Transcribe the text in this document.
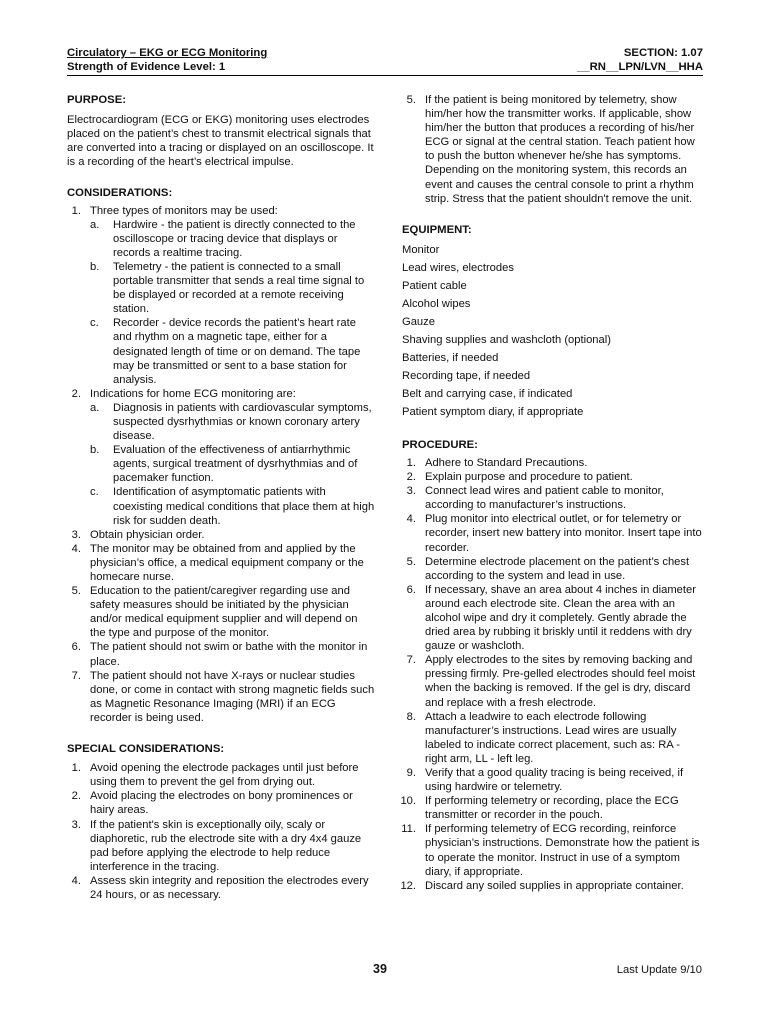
Circulatory – EKG or ECG Monitoring	SECTION: 1.07
Strength of Evidence Level: 1	__RN__LPN/LVN__HHA

PURPOSE:

Electrocardiogram (ECG or EKG) monitoring uses electrodes placed on the patient’s chest to transmit electrical signals that are converted into a tracing or displayed on an oscilloscope. It is a recording of the heart’s electrical impulse.

CONSIDERATIONS:
1. Three types of monitors may be used:
a. Hardwire - the patient is directly connected to the oscilloscope or tracing device that displays or records a realtime tracing.
b. Telemetry - the patient is connected to a small portable transmitter that sends a real time signal to be displayed or recorded at a remote receiving station.
c. Recorder - device records the patient’s heart rate and rhythm on a magnetic tape, either for a designated length of time or on demand. The tape may be transmitted or sent to a base station for analysis.
2. Indications for home ECG monitoring are:
a. Diagnosis in patients with cardiovascular symptoms, suspected dysrhythmias or known coronary artery disease.
b. Evaluation of the effectiveness of antiarrhythmic agents, surgical treatment of dysrhythmias and of pacemaker function.
c. Identification of asymptomatic patients with coexisting medical conditions that place them at high risk for sudden death.
3. Obtain physician order.
4. The monitor may be obtained from and applied by the physician’s office, a medical equipment company or the homecare nurse.
5. Education to the patient/caregiver regarding use and safety measures should be initiated by the physician and/or medical equipment supplier and will depend on the type and purpose of the monitor.
6. The patient should not swim or bathe with the monitor in place.
7. The patient should not have X-rays or nuclear studies done, or come in contact with strong magnetic fields such as Magnetic Resonance Imaging (MRI) if an ECG recorder is being used.
SPECIAL CONSIDERATIONS:
1. Avoid opening the electrode packages until just before using them to prevent the gel from drying out.
2. Avoid placing the electrodes on bony prominences or hairy areas.
3. If the patient's skin is exceptionally oily, scaly or diaphoretic, rub the electrode site with a dry 4x4 gauze pad before applying the electrode to help reduce interference in the tracing.
4. Assess skin integrity and reposition the electrodes every 24 hours, or as necessary.
5. If the patient is being monitored by telemetry, show him/her how the transmitter works. If applicable, show him/her the button that produces a recording of his/her ECG or signal at the central station. Teach patient how to push the button whenever he/she has symptoms. Depending on the monitoring system, this records an event and causes the central console to print a rhythm strip. Stress that the patient shouldn't remove the unit.
EQUIPMENT:
Monitor
Lead wires, electrodes
Patient cable
Alcohol wipes
Gauze
Shaving supplies and washcloth (optional)
Batteries, if needed
Recording tape, if needed
Belt and carrying case, if indicated
Patient symptom diary, if appropriate
PROCEDURE:
1. Adhere to Standard Precautions.
2. Explain purpose and procedure to patient.
3. Connect lead wires and patient cable to monitor, according to manufacturer’s instructions.
4. Plug monitor into electrical outlet, or for telemetry or recorder, insert new battery into monitor. Insert tape into recorder.
5. Determine electrode placement on the patient’s chest according to the system and lead in use.
6. If necessary, shave an area about 4 inches in diameter around each electrode site. Clean the area with an alcohol wipe and dry it completely. Gently abrade the dried area by rubbing it briskly until it reddens with dry gauze or washcloth.
7. Apply electrodes to the sites by removing backing and pressing firmly. Pre-gelled electrodes should feel moist when the backing is removed. If the gel is dry, discard and replace with a fresh electrode.
8. Attach a leadwire to each electrode following manufacturer’s instructions. Lead wires are usually labeled to indicate correct placement, such as: RA - right arm, LL - left leg.
9. Verify that a good quality tracing is being received, if using hardwire or telemetry.
10. If performing telemetry or recording, place the ECG transmitter or recorder in the pouch.
11. If performing telemetry of ECG recording, reinforce physician’s instructions. Demonstrate how the patient is to operate the monitor. Instruct in use of a symptom diary, if appropriate.
12. Discard any soiled supplies in appropriate container.
39	Last Update 9/10
